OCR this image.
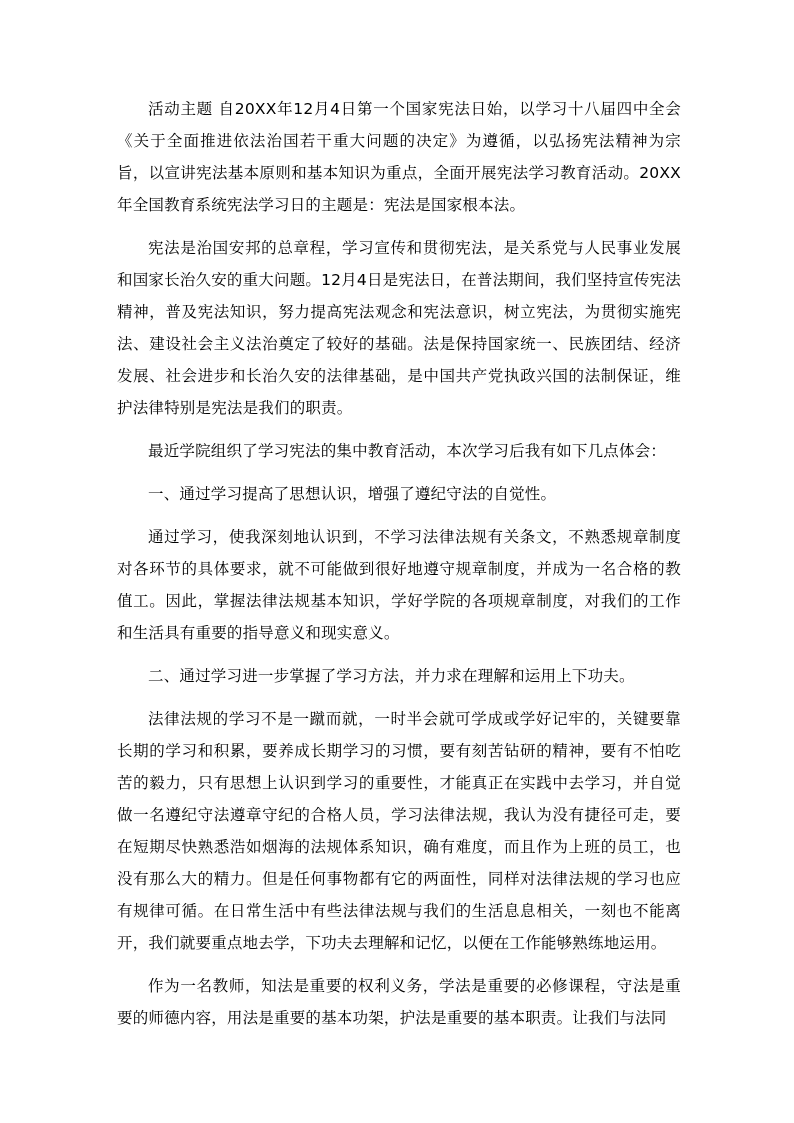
活动主题 自20XX年12月4日第一个国家宪法日始，以学习十八届四中全会《关于全面推进依法治国若干重大问题的决定》为遵循，以弘扬宪法精神为宗旨，以宣讲宪法基本原则和基本知识为重点，全面开展宪法学习教育活动。20XX年全国教育系统宪法学习日的主题是：宪法是国家根本法。

宪法是治国安邦的总章程，学习宣传和贯彻宪法，是关系党与人民事业发展和国家长治久安的重大问题。12月4日是宪法日，在普法期间，我们坚持宣传宪法精神，普及宪法知识，努力提高宪法观念和宪法意识，树立宪法，为贯彻实施宪法、建设社会主义法治奠定了较好的基础。法是保持国家统一、民族团结、经济发展、社会进步和长治久安的法律基础，是中国共产党执政兴国的法制保证，维护法律特别是宪法是我们的职责。

最近学院组织了学习宪法的集中教育活动，本次学习后我有如下几点体会：

一、通过学习提高了思想认识，增强了遵纪守法的自觉性。

通过学习，使我深刻地认识到，不学习法律法规有关条文，不熟悉规章制度对各环节的具体要求，就不可能做到很好地遵守规章制度，并成为一名合格的教值工。因此，掌握法律法规基本知识，学好学院的各项规章制度，对我们的工作和生活具有重要的指导意义和现实意义。

二、通过学习进一步掌握了学习方法，并力求在理解和运用上下功夫。

法律法规的学习不是一蹴而就，一时半会就可学成或学好记牢的，关键要靠长期的学习和积累，要养成长期学习的习惯，要有刻苦钻研的精神，要有不怕吃苦的毅力，只有思想上认识到学习的重要性，才能真正在实践中去学习，并自觉做一名遵纪守法遵章守纪的合格人员，学习法律法规，我认为没有捷径可走，要在短期尽快熟悉浩如烟海的法规体系知识，确有难度，而且作为上班的员工，也没有那么大的精力。但是任何事物都有它的两面性，同样对法律法规的学习也应有规律可循。在日常生活中有些法律法规与我们的生活息息相关，一刻也不能离开，我们就要重点地去学，下功夫去理解和记忆，以便在工作能够熟练地运用。

作为一名教师，知法是重要的权利义务，学法是重要的必修课程，守法是重要的师德内容，用法是重要的基本功架，护法是重要的基本职责。让我们与法同
